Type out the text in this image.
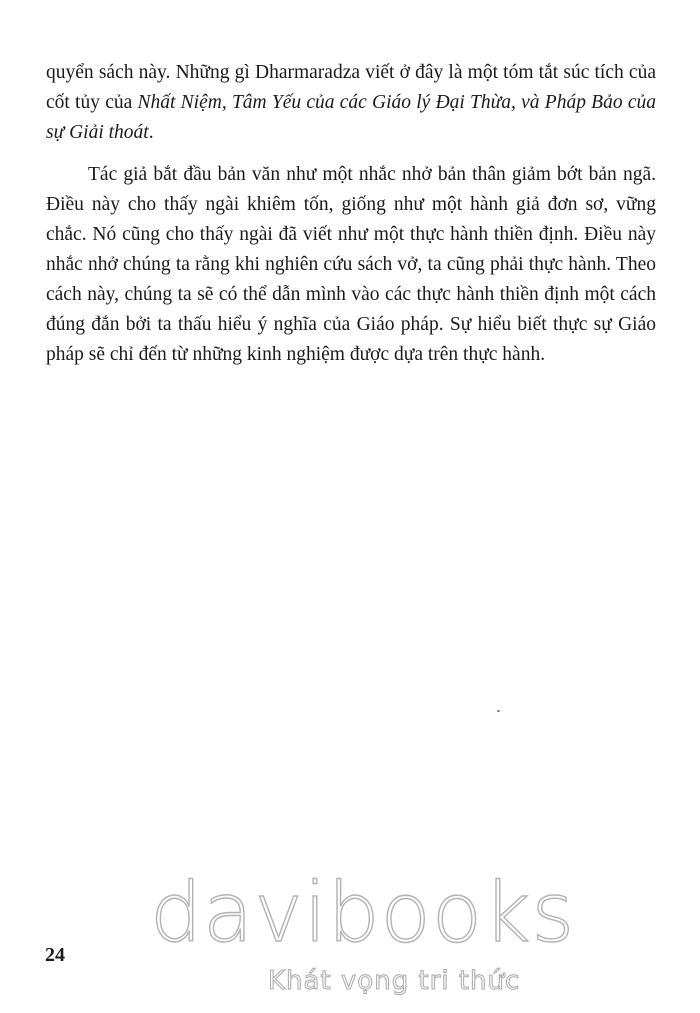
quyển sách này. Những gì Dharmaradza viết ở đây là một tóm tắt súc tích của cốt tủy của Nhất Niệm, Tâm Yếu của các Giáo lý Đại Thừa, và Pháp Bảo của sự Giải thoát.

Tác giả bắt đầu bản văn như một nhắc nhở bản thân giảm bớt bản ngã. Điều này cho thấy ngài khiêm tốn, giống như một hành giả đơn sơ, vững chắc. Nó cũng cho thấy ngài đã viết như một thực hành thiền định. Điều này nhắc nhở chúng ta rằng khi nghiên cứu sách vở, ta cũng phải thực hành. Theo cách này, chúng ta sẽ có thể dẫn mình vào các thực hành thiền định một cách đúng đắn bởi ta thấu hiểu ý nghĩa của Giáo pháp. Sự hiểu biết thực sự Giáo pháp sẽ chỉ đến từ những kinh nghiệm được dựa trên thực hành.

24 davibooks
Khát vọng tri thức
